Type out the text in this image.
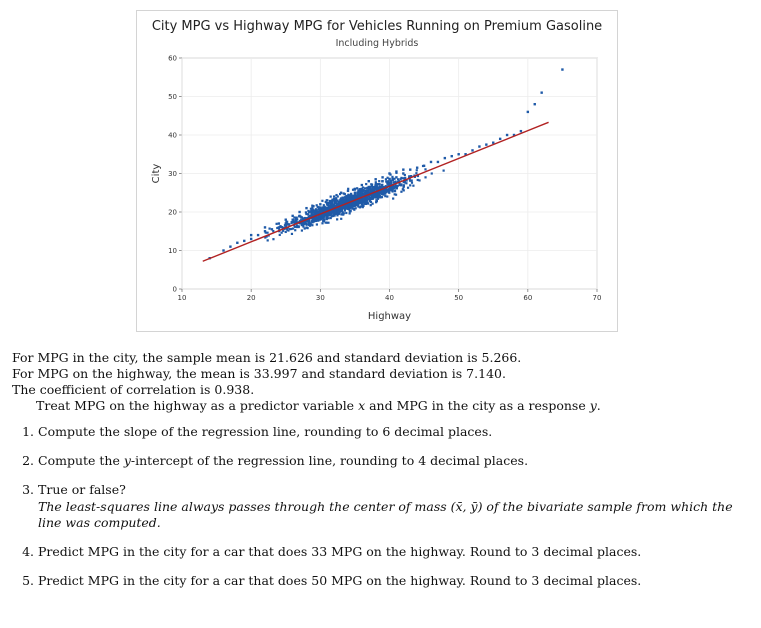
City MPG vs Highway MPG for Vehicles Running on Premium Gasoline
Including Hybrids
0
10
20
30
40
50
60
10	20	30	40	50	60	70
Highway
City

For MPG in the city, the sample mean is 21.626 and standard deviation is 5.266.

For MPG on the highway, the mean is 33.997 and standard deviation is 7.140.

The coefficient of correlation is 0.938.

Treat MPG on the highway as a predictor variable x and MPG in the city as a response y.

1. Compute the slope of the regression line, rounding to 6 decimal places.
2. Compute the y-intercept of the regression line, rounding to 4 decimal places.
3. True or false?
The least-squares line always passes through the center of mass (x̄, ȳ) of the bivariate sample from which the line was computed.
4. Predict MPG in the city for a car that does 33 MPG on the highway. Round to 3 decimal places.
5. Predict MPG in the city for a car that does 50 MPG on the highway. Round to 3 decimal places.
